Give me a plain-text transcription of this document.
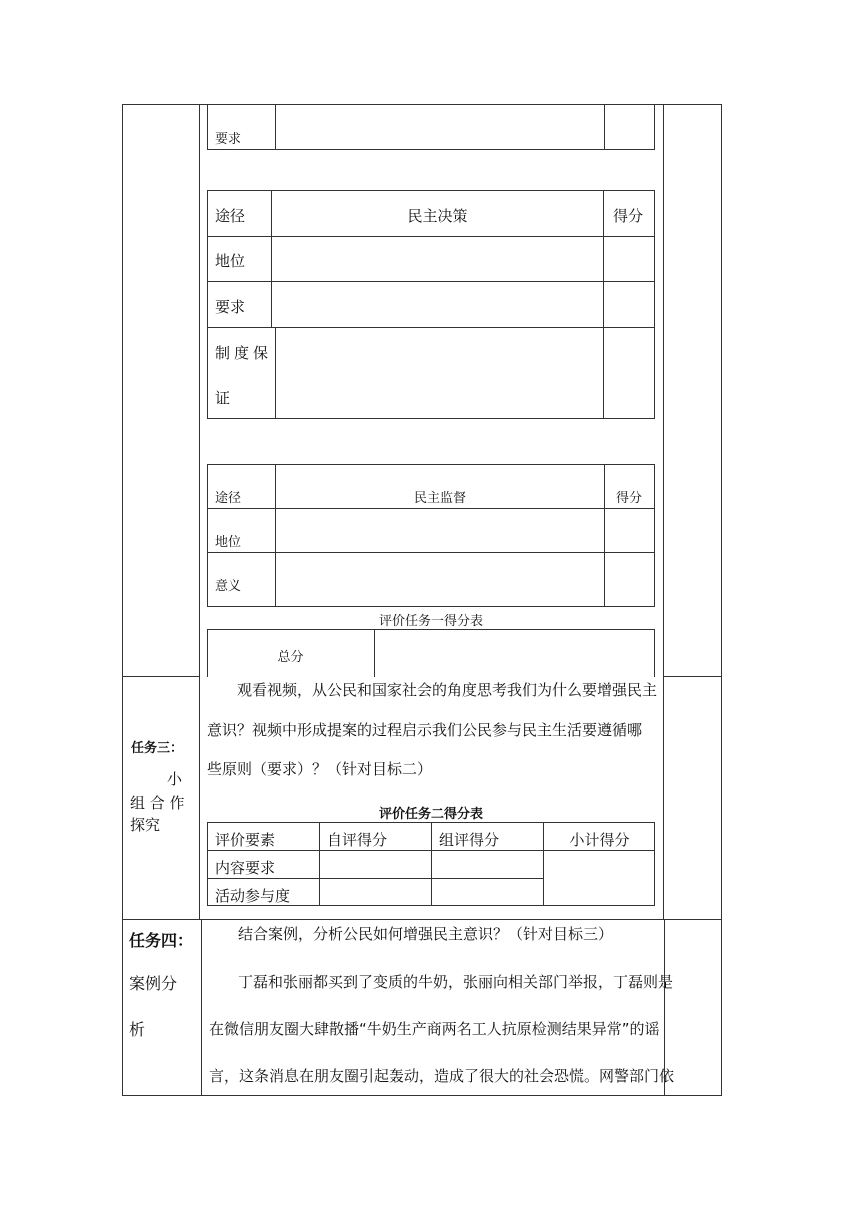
要求
途径	民主决策	得分
地位
要求
制度保
证
途径	民主监督	得分
地位
意义
评价任务一得分表
总分
任务三：
小
组 合 作
探究
观看视频，从公民和国家社会的角度思考我们为什么要增强民主
意识？视频中形成提案的过程启示我们公民参与民主生活要遵循哪
些原则（要求）？（针对目标二）
评价任务二得分表
评价要素	自评得分	组评得分	小计得分
内容要求
活动参与度
任务四：
案例分
析
结合案例，分析公民如何增强民主意识？（针对目标三）
丁磊和张丽都买到了变质的牛奶，张丽向相关部门举报，丁磊则是
在微信朋友圈大肆散播“牛奶生产商两名工人抗原检测结果异常”的谣
言，这条消息在朋友圈引起轰动，造成了很大的社会恐慌。网警部门依
